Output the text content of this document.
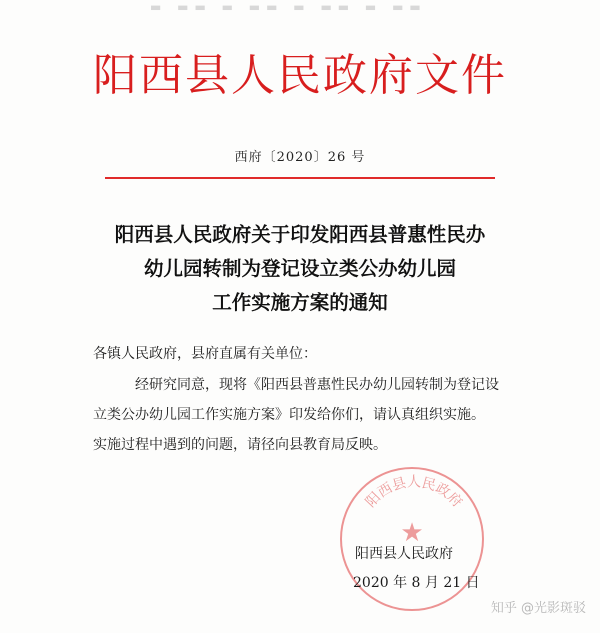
▬ ▬▬ ▬ ▬▬ ▬ ▬▬ ▬ ▬▬
阳西县人民政府文件
西府〔2020〕26 号
阳西县人民政府关于印发阳西县普惠性民办
幼儿园转制为登记设立类公办幼儿园
工作实施方案的通知
各镇人民政府，县府直属有关单位：
经研究同意，现将《阳西县普惠性民办幼儿园转制为登记设
立类公办幼儿园工作实施方案》印发给你们，请认真组织实施。
实施过程中遇到的问题，请径向县教育局反映。
阳西县人民政府
★
阳西县人民政府
2020 年 8 月 21 日
知乎 @光影斑驳
